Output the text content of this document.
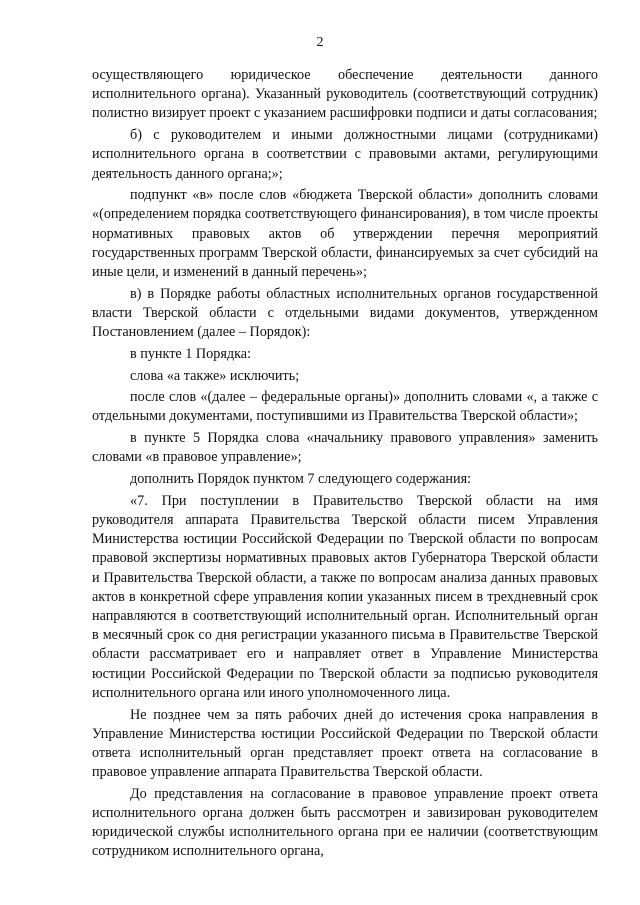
2

осуществляющего юридическое обеспечение деятельности данного исполнительного органа). Указанный руководитель (соответствующий сотрудник) полистно визирует проект с указанием расшифровки подписи и даты согласования;

б) с руководителем и иными должностными лицами (сотрудниками) исполнительного органа в соответствии с правовыми актами, регулирующими деятельность данного органа;»;

подпункт «в» после слов «бюджета Тверской области» дополнить словами «(определением порядка соответствующего финансирования), в том числе проекты нормативных правовых актов об утверждении перечня мероприятий государственных программ Тверской области, финансируемых за счет субсидий на иные цели, и изменений в данный перечень»;

в) в Порядке работы областных исполнительных органов государственной власти Тверской области с отдельными видами документов, утвержденном Постановлением (далее – Порядок):

в пункте 1 Порядка:

слова «а также» исключить;

после слов «(далее – федеральные органы)» дополнить словами «, а также с отдельными документами, поступившими из Правительства Тверской области»;

в пункте 5 Порядка слова «начальнику правового управления» заменить словами «в правовое управление»;

дополнить Порядок пунктом 7 следующего содержания:

«7. При поступлении в Правительство Тверской области на имя руководителя аппарата Правительства Тверской области писем Управления Министерства юстиции Российской Федерации по Тверской области по вопросам правовой экспертизы нормативных правовых актов Губернатора Тверской области и Правительства Тверской области, а также по вопросам анализа данных правовых актов в конкретной сфере управления копии указанных писем в трехдневный срок направляются в соответствующий исполнительный орган. Исполнительный орган в месячный срок со дня регистрации указанного письма в Правительстве Тверской области рассматривает его и направляет ответ в Управление Министерства юстиции Российской Федерации по Тверской области за подписью руководителя исполнительного органа или иного уполномоченного лица.

Не позднее чем за пять рабочих дней до истечения срока направления в Управление Министерства юстиции Российской Федерации по Тверской области ответа исполнительный орган представляет проект ответа на согласование в правовое управление аппарата Правительства Тверской области.

До представления на согласование в правовое управление проект ответа исполнительного органа должен быть рассмотрен и завизирован руководителем юридической службы исполнительного органа при ее наличии (соответствующим сотрудником исполнительного органа,
